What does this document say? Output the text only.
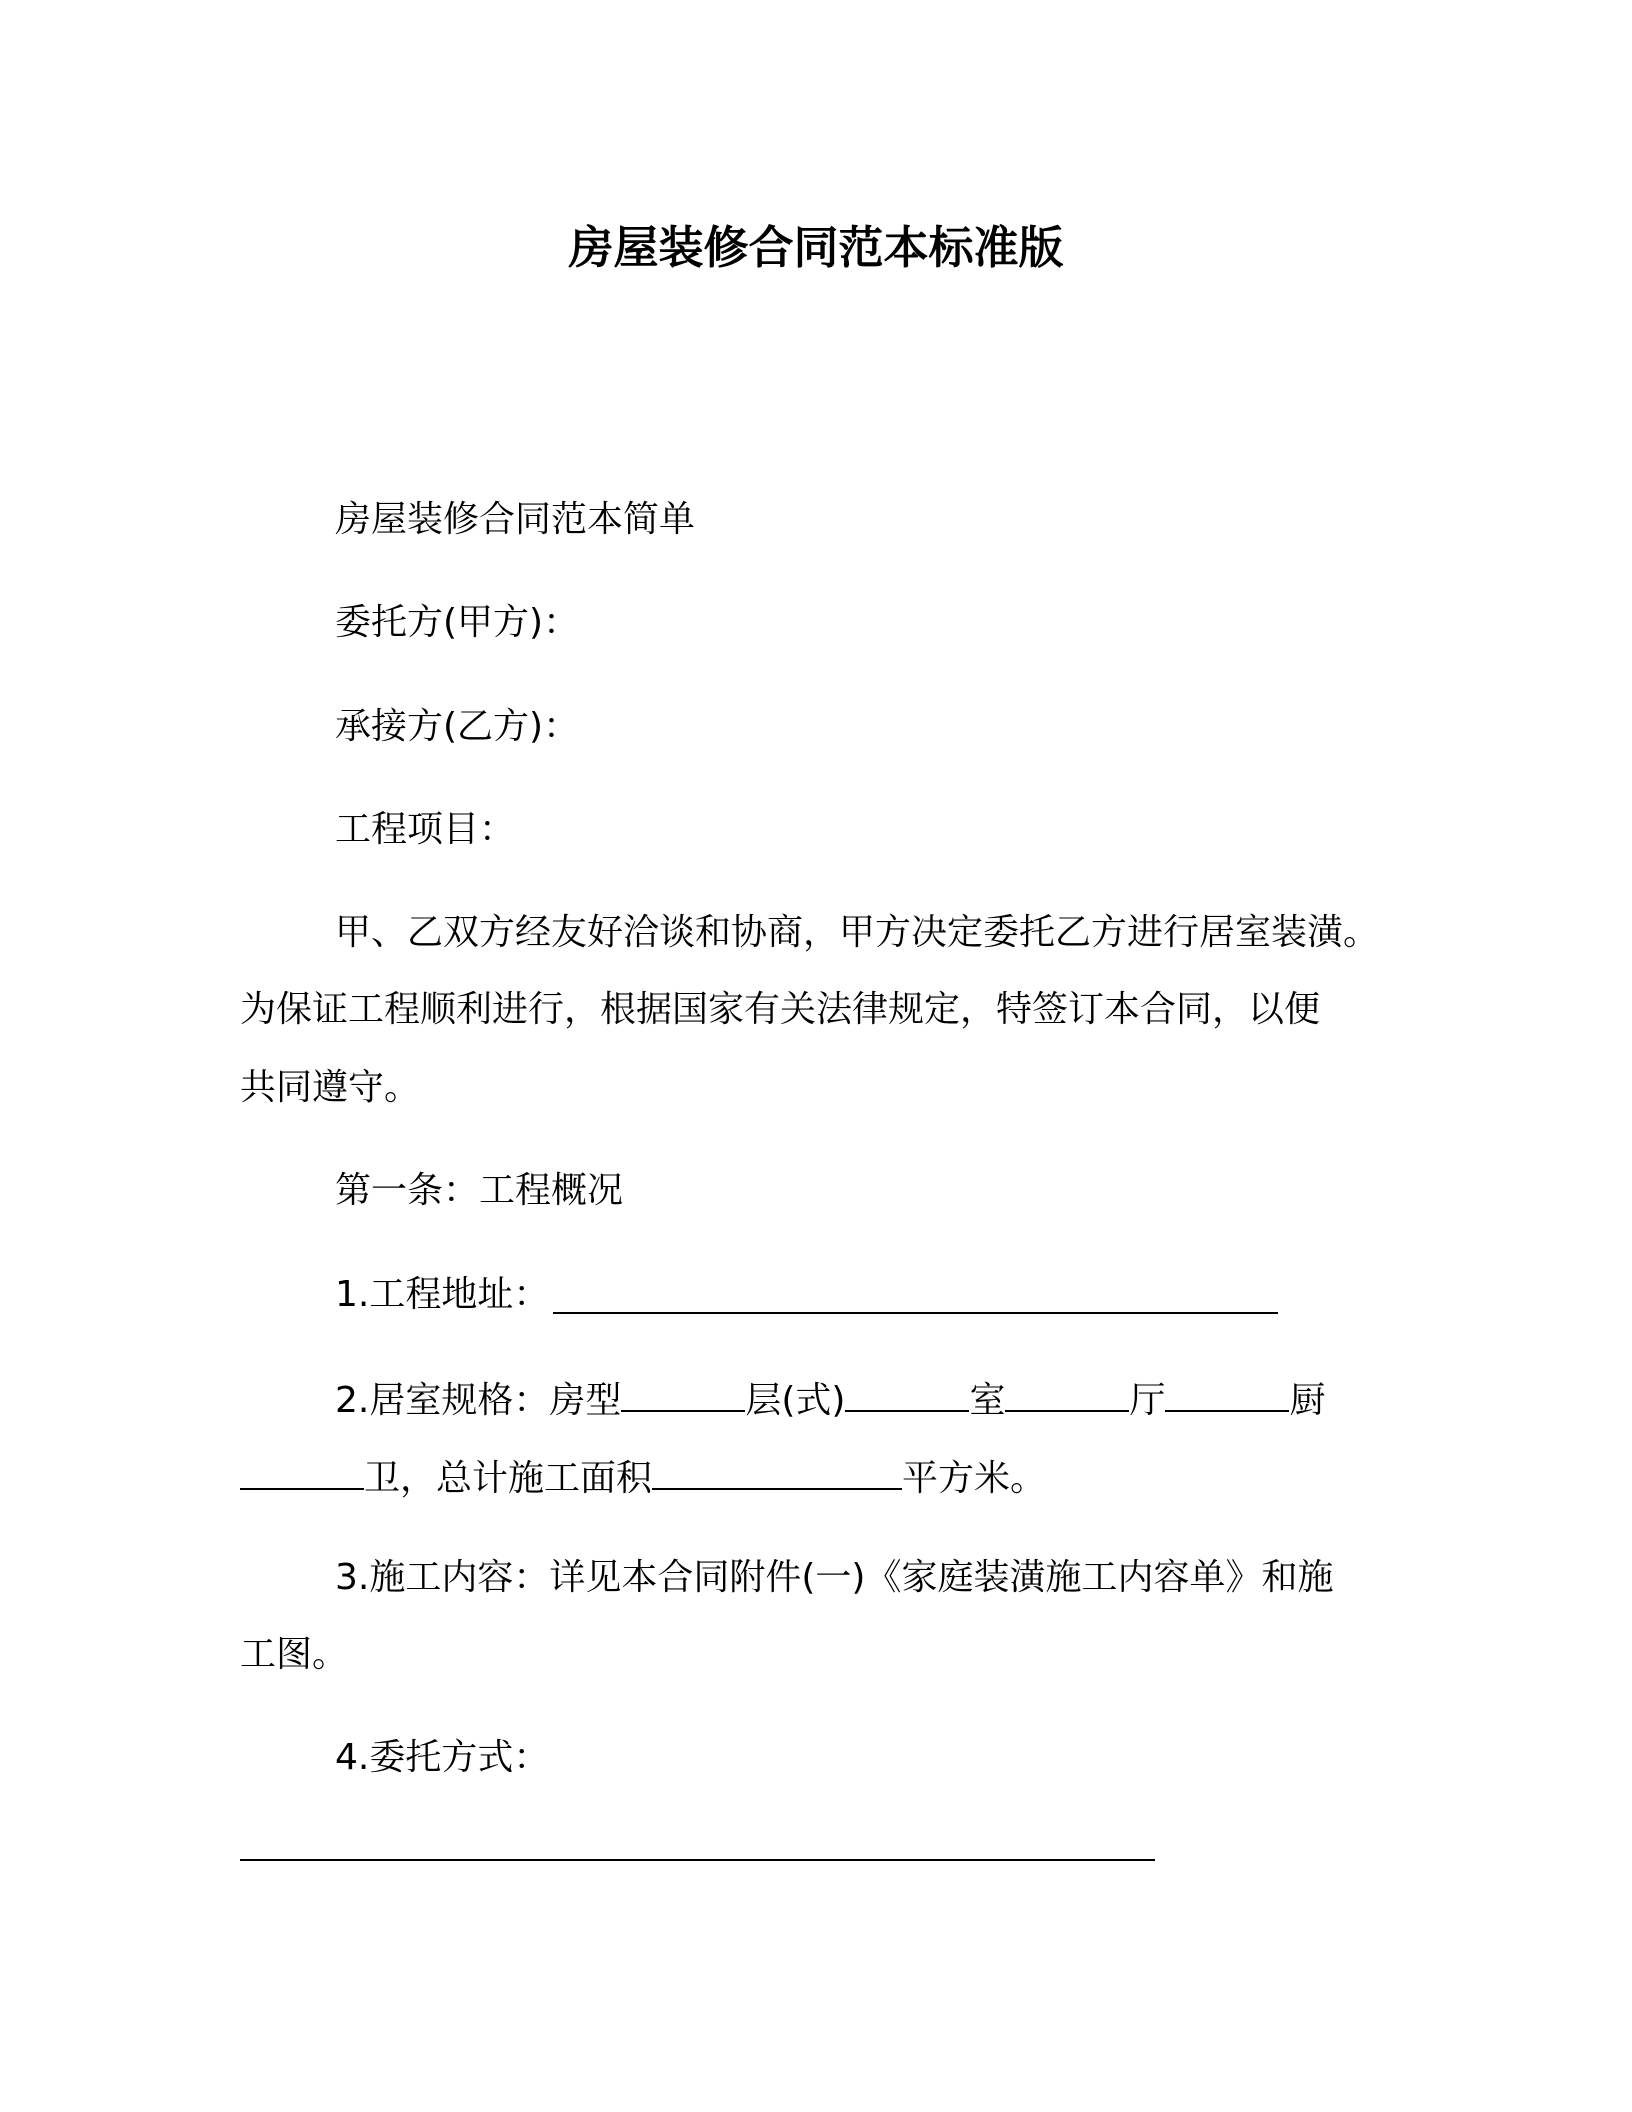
房屋装修合同范本标准版
房屋装修合同范本简单
委托方(甲方)：
承接方(乙方)：
工程项目：
甲、乙双方经友好洽谈和协商，甲方决定委托乙方进行居室装潢。
为保证工程顺利进行，根据国家有关法律规定，特签订本合同，以便
共同遵守。
第一条：工程概况
1.工程地址：
2.居室规格：房型	层(式)	室	厅	厨
卫，总计施工面积	平方米。
3.施工内容：详见本合同附件(一)《家庭装潢施工内容单》和施
工图。
4.委托方式：
